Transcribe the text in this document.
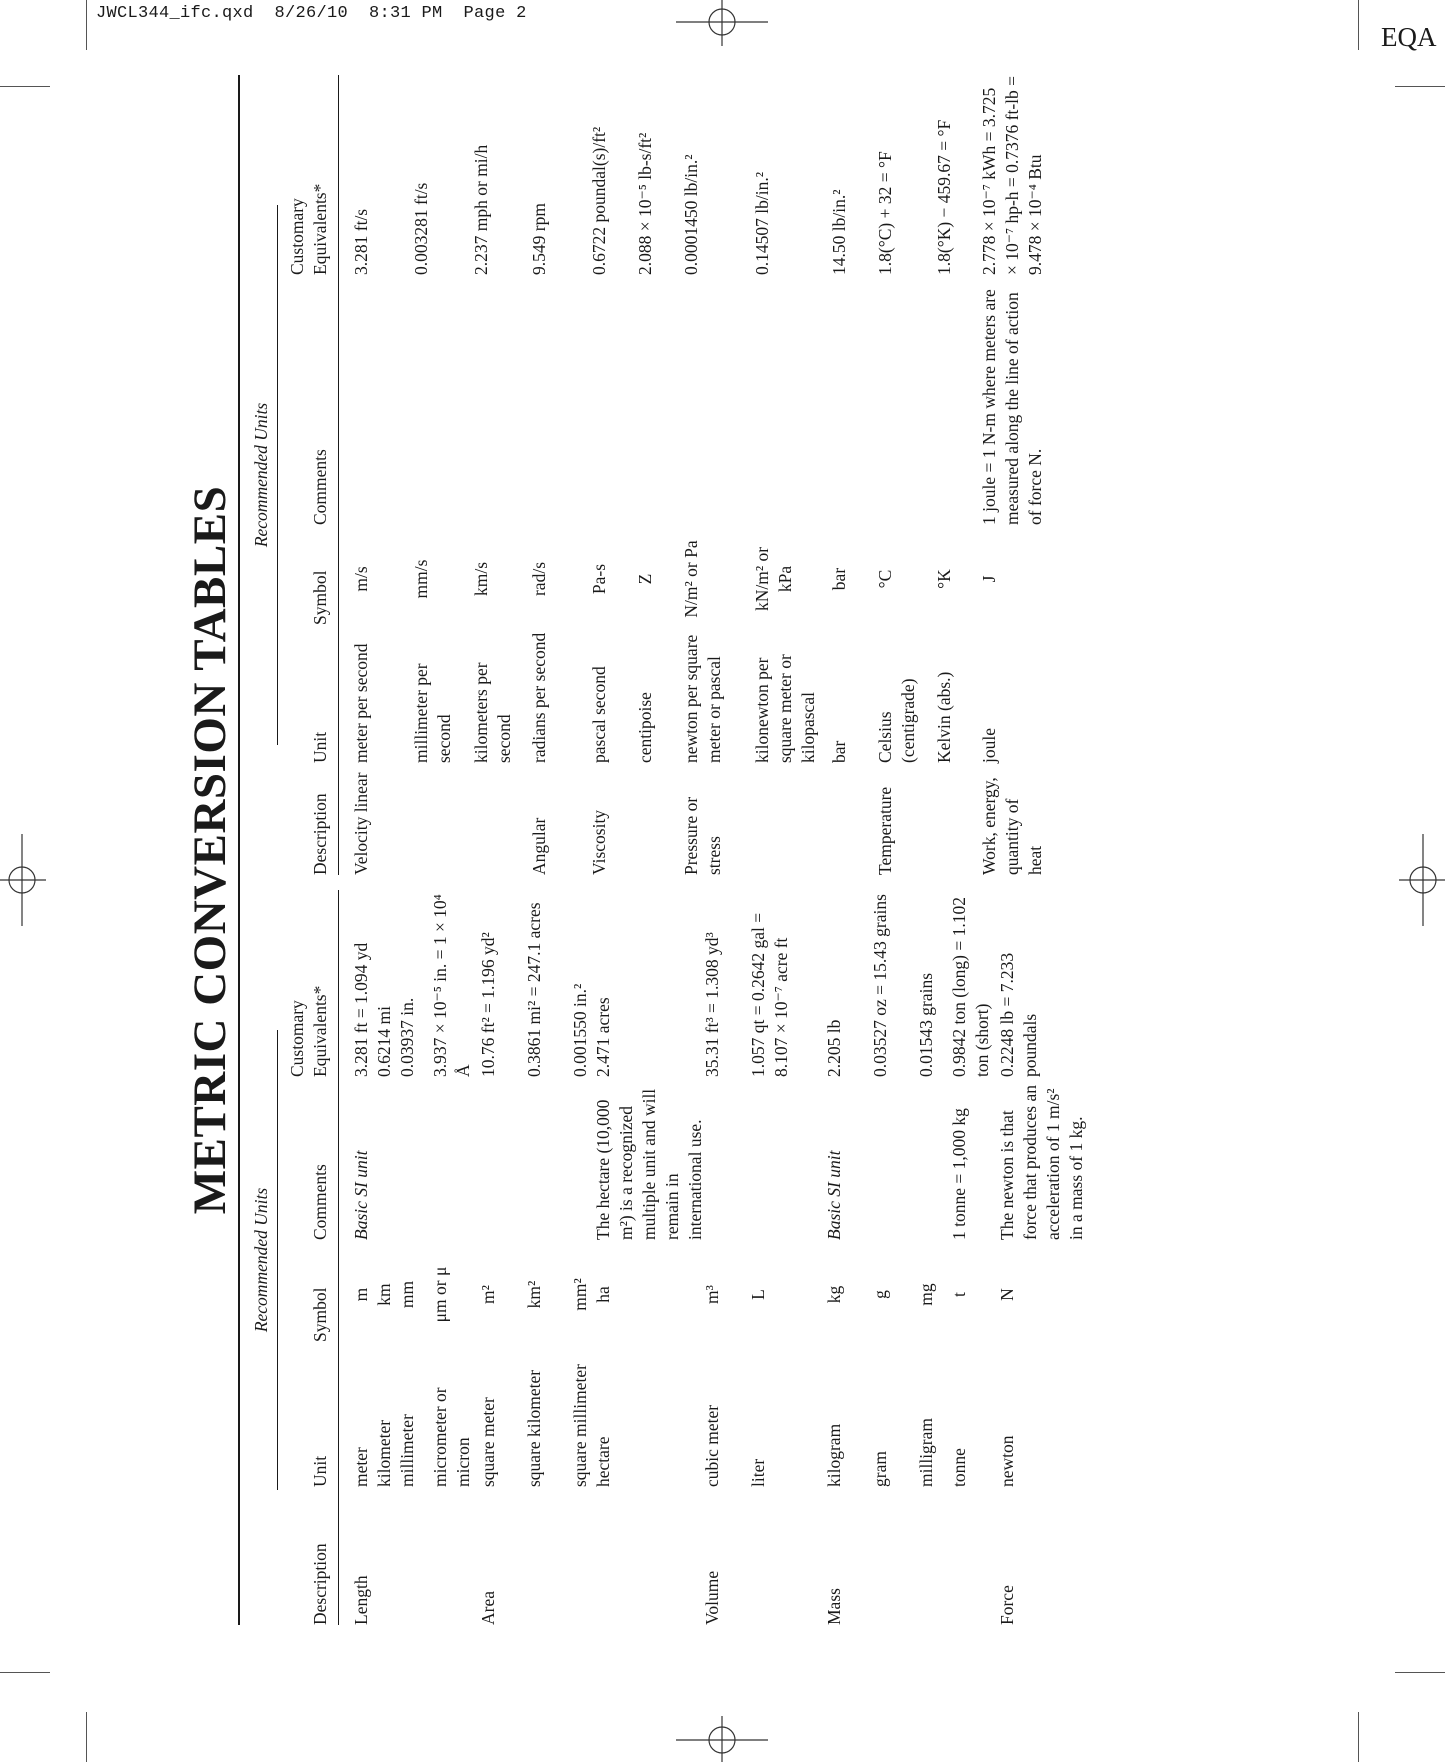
JWCL344_ifc.qxd  8/26/10  8:31 PM  Page 2
EQA
METRIC CONVERSION TABLES
Recommended Units
Description
Unit
Symbol
Comments
Customary Equivalents*
Length
meter
m
Basic SI unit
3.281 ft = 1.094 yd
kilometer
km
0.6214 mi
millimeter
mm
0.03937 in.
micrometer or micron
μm or μ
3.937 × 10⁻⁵ in. = 1 × 10⁴ Å
Area
square meter
m²
10.76 ft² = 1.196 yd²
square kilometer
km²
0.3861 mi² = 247.1 acres
square millimeter
mm²
0.001550 in.²
hectare
ha
The hectare (10,000 m²) is a recognized multiple unit and will remain in international use.
2.471 acres
Volume
cubic meter
m³
35.31 ft³ = 1.308 yd³
liter
L
1.057 qt = 0.2642 gal = 8.107 × 10⁻⁷ acre ft
Mass
kilogram
kg
Basic SI unit
2.205 lb
gram
g
0.03527 oz = 15.43 grains
milligram
mg
0.01543 grains
tonne
t
1 tonne = 1,000 kg
0.9842 ton (long) = 1.102 ton (short)
Force
newton
N
The newton is that force that produces an acceleration of 1 m/s² in a mass of 1 kg.
0.2248 lb = 7.233 poundals
Recommended Units
Description
Unit
Symbol
Comments
Customary Equivalents*
Velocity linear
meter per second
m/s
3.281 ft/s
millimeter per second
mm/s
0.003281 ft/s
kilometers per second
km/s
2.237 mph or mi/h
Angular
radians per second
rad/s
9.549 rpm
Viscosity
pascal second
Pa-s
0.6722 poundal(s)/ft²
centipoise
Z
2.088 × 10⁻⁵ lb-s/ft²
Pressure or stress
newton per square meter or pascal
N/m² or Pa
0.0001450 lb/in.²
kilonewton per square meter or kilopascal
kN/m² or kPa
0.14507 lb/in.²
bar
bar
14.50 lb/in.²
Temperature
Celsius (centigrade)
°C
1.8(°C) + 32 = °F
Kelvin (abs.)
°K
1.8(°K) − 459.67 = °F
Work, energy, quantity of heat
joule
J
1 joule = 1 N-m where meters are measured along the line of action of force N.
2.778 × 10⁻⁷ kWh = 3.725 × 10⁻⁷ hp-h = 0.7376 ft-lb = 9.478 × 10⁻⁴ Btu
